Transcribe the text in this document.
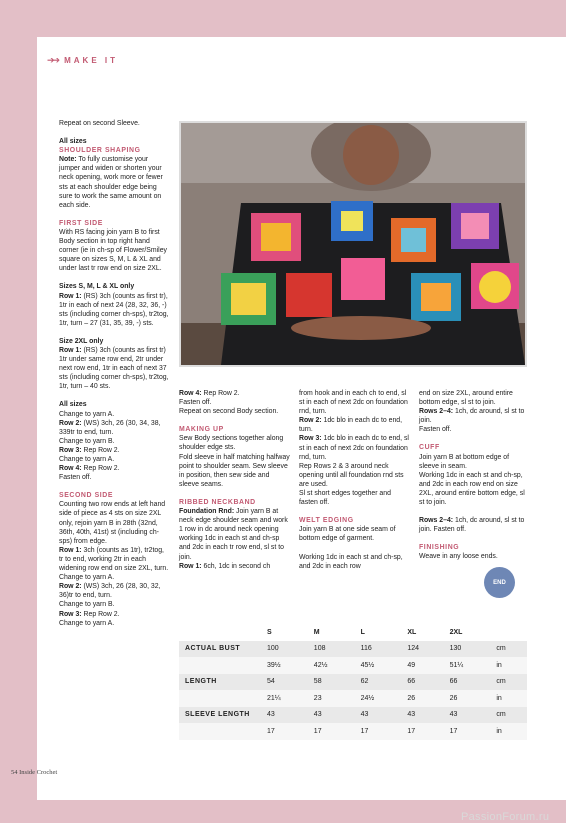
➔➔ MAKE IT

Repeat on second Sleeve.

All sizes

SHOULDER SHAPING

Note: To fully customise your jumper and widen or shorten your neck opening, work more or fewer sts at each shoulder edge being sure to work the same amount on each side.

FIRST SIDE

With RS facing join yarn B to first Body section in top right hand corner (ie in ch-sp of Flower/Smiley square on sizes S, M, L & XL and under last tr row end on size 2XL.

Sizes S, M, L & XL only

Row 1: (RS) 3ch (counts as first tr), 1tr in each of next 24 (28, 32, 36, -) sts (including corner ch-sps), tr2tog, 1tr, turn – 27 (31, 35, 39, -) sts.

Size 2XL only

Row 1: (RS) 3ch (counts as first tr) 1tr under same row end, 2tr under next row end, 1tr in each of next 37 sts (including corner ch-sps), tr2tog, 1tr, turn – 40 sts.

All sizes

Change to yarn A.

Row 2: (WS) 3ch, 26 (30, 34, 38, 339tr to end, turn.

Change to yarn B.

Row 3: Rep Row 2.

Change to yarn A.

Row 4: Rep Row 2.

Fasten off.

SECOND SIDE

Counting two row ends at left hand side of piece as 4 sts on size 2XL only, rejoin yarn B in 28th (32nd, 36th, 40th, 41st) st (including ch-sps) from edge.

Row 1: 3ch (counts as 1tr), tr2tog, tr to end, working 2tr in each widening row end on size 2XL, turn.

Change to yarn A.

Row 2: (WS) 3ch, 26 (28, 30, 32, 36)tr to end, turn.

Change to yarn B.

Row 3: Rep Row 2.

Change to yarn A.

Row 4: Rep Row 2.

Fasten off.

Repeat on second Body section.

MAKING UP

Sew Body sections together along shoulder edge sts.

Fold sleeve in half matching halfway point to shoulder seam. Sew sleeve in position, then sew side and sleeve seams.

RIBBED NECKBAND

Foundation Rnd: Join yarn B at neck edge shoulder seam and work 1 row in dc around neck opening working 1dc in each st and ch-sp and 2dc in each tr row end, sl st to join.

Row 1: 6ch, 1dc in second ch

from hook and in each ch to end, sl st in each of next 2dc on foundation rnd, turn.

Row 2: 1dc blo in each dc to end, turn.

Row 3: 1dc blo in each dc to end, sl st in each of next 2dc on foundation rnd, turn.

Rep Rows 2 & 3 around neck opening until all foundation rnd sts are used.

Sl st short edges together and fasten off.

WELT EDGING

Join yarn B at one side seam of bottom edge of garment.

Working 1dc in each st and ch-sp, and 2dc in each row

end on size 2XL, around entire bottom edge, sl st to join.

Rows 2–4: 1ch, dc around, sl st to join.

Fasten off.

CUFF

Join yarn B at bottom edge of sleeve in seam.

Working 1dc in each st and ch-sp, and 2dc in each row end on size 2XL, around entire bottom edge, sl st to join.

Rows 2–4: 1ch, dc around, sl st to join. Fasten off.

FINISHING

Weave in any loose ends.

END
	S	M	L	XL	2XL	
ACTUAL BUST	100	108	116	124	130	cm
	39½	42½	45½	49	51¼	in
LENGTH	54	58	62	66	66	cm
	21¼	23	24½	26	26	in
SLEEVE LENGTH	43	43	43	43	43	cm
	17	17	17	17	17	in
54 Inside Crochet
PassionForum.ru
